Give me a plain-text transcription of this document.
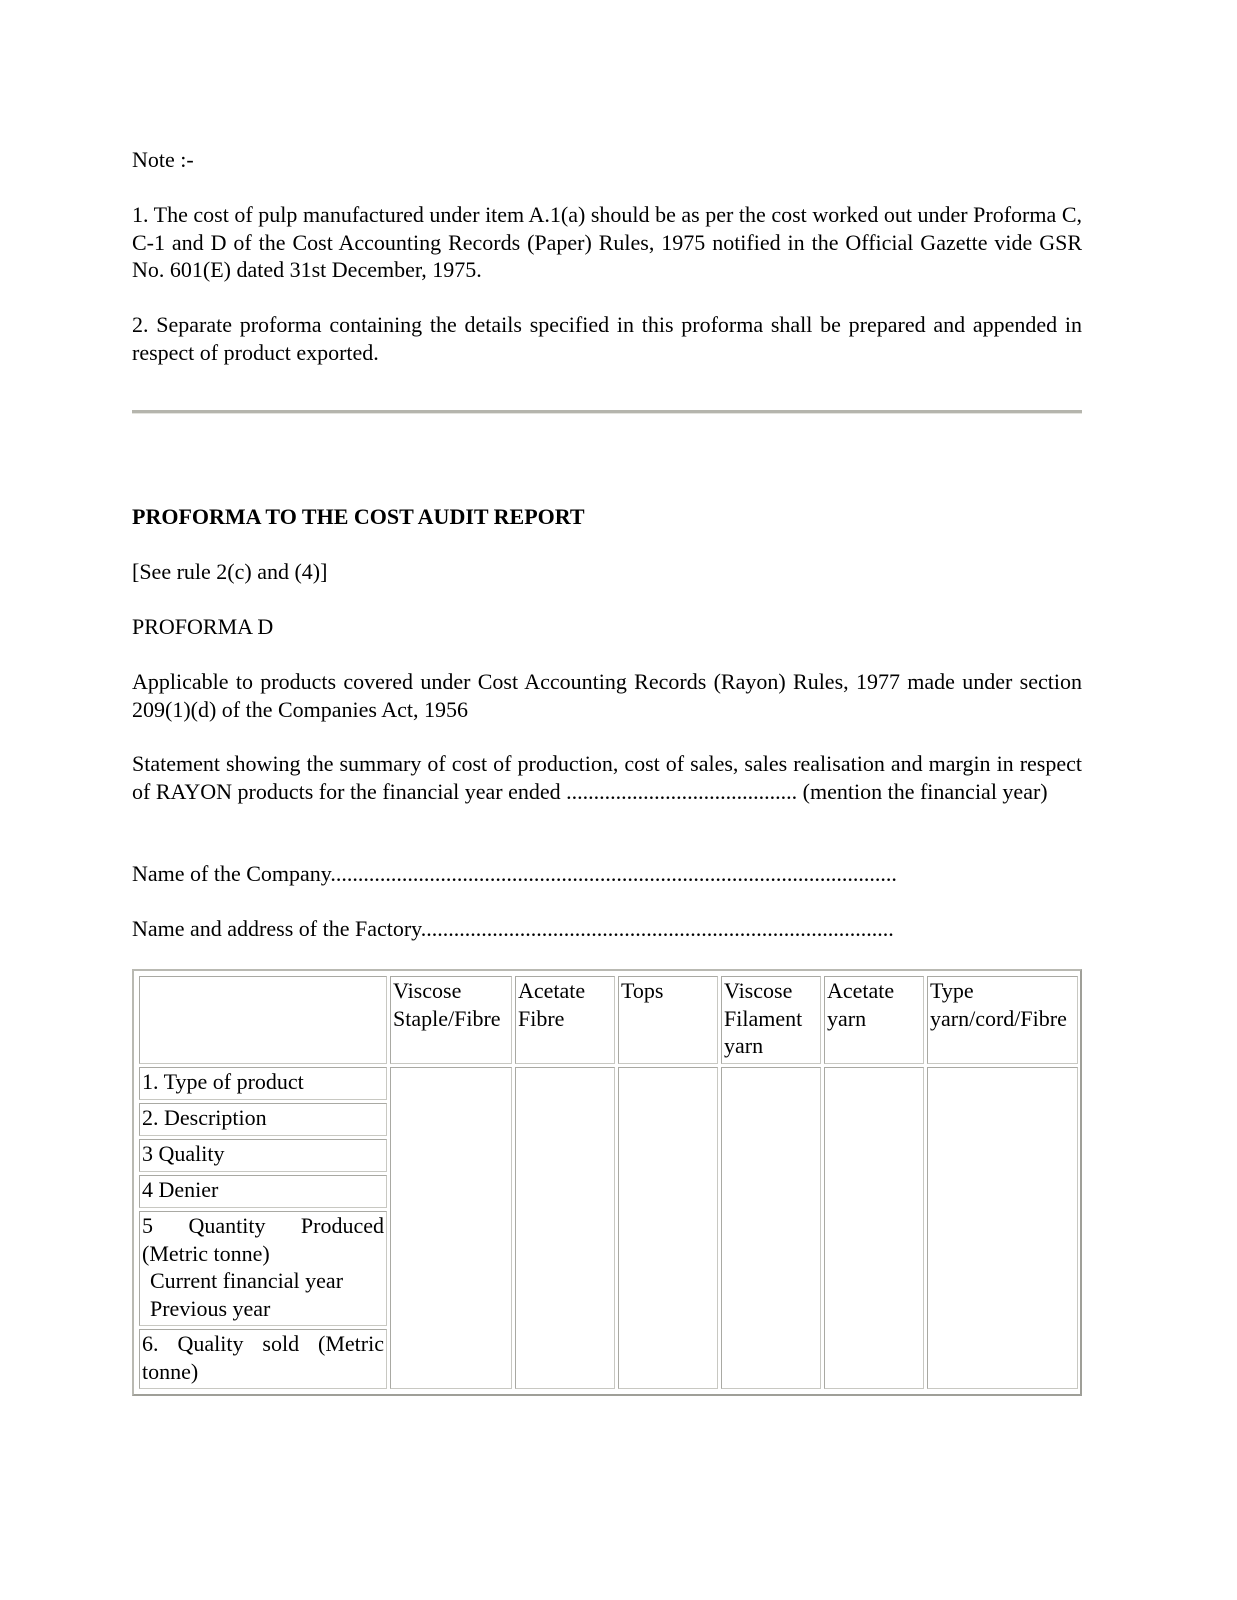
Note :-

1. The cost of pulp manufactured under item A.1(a) should be as per the cost worked out under Proforma C, C-1 and D of the Cost Accounting Records (Paper) Rules, 1975 notified in the Official Gazette vide GSR No. 601(E) dated 31st December, 1975.

2. Separate proforma containing the details specified in this proforma shall be prepared and appended in respect of product exported.

PROFORMA TO THE COST AUDIT REPORT

[See rule 2(c) and (4)]

PROFORMA D

Applicable to products covered under Cost Accounting Records (Rayon) Rules, 1977 made under section 209(1)(d) of the Companies Act, 1956

Statement showing the summary of cost of production, cost of sales, sales realisation and margin in respect of RAYON products for the financial year ended .......................................... (mention the financial year)

Name of the Company.......................................................................................................

Name and address of the Factory......................................................................................

	Viscose Staple/Fibre	Acetate Fibre	Tops	Viscose Filament yarn	Acetate yarn	Type yarn/cord/Fibre
1. Type of product						
2. Description						
3 Quality						
4 Denier						
5 Quantity Produced (Metric tonne)
Current financial year
Previous year						

6. Quality sold (Metric tonne)						
